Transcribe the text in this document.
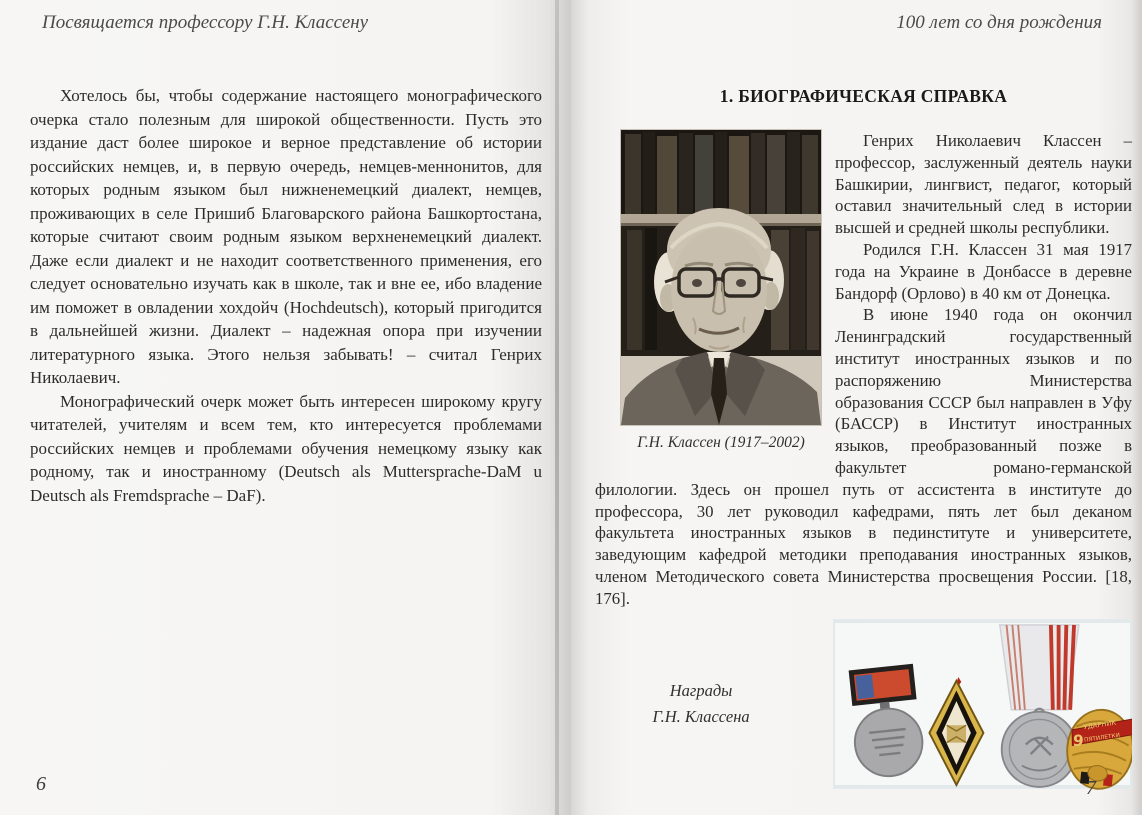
Посвящается профессору Г.Н. Классену

Хотелось бы, чтобы содержание настоящего монографического очерка стало полезным для широкой общественности. Пусть это издание даст более широкое и верное представление об истории российских немцев, и, в первую очередь, немцев-меннонитов, для которых родным языком был нижненемецкий диалект, немцев, проживающих в селе Пришиб Благоварского района Башкортостана, которые считают своим родным языком верхненемецкий диалект. Даже если диалект и не находит соответственного применения, его следует основательно изучать как в школе, так и вне ее, ибо владение им поможет в овладении хохдойч (Hochdeutsch), который пригодится в дальнейшей жизни. Диалект – надежная опора при изучении литературного языка. Этого нельзя забывать! – считал Генрих Николаевич.

Монографический очерк может быть интересен широкому кругу читателей, учителям и всем тем, кто интересуется проблемами российских немцев и проблемами обучения немецкому языку как родному, так и иностранному (Deutsch als Muttersprache-DaM u Deutsch als Fremdsprache – DaF).

6
100 лет со дня рождения
1. БИОГРАФИЧЕСКАЯ СПРАВКА
Г.Н. Классен (1917–2002)

Генрих Николаевич Классен – профессор, заслуженный деятель науки Башкирии, лингвист, педагог, который оставил значительный след в истории высшей и средней школы республики.

Родился Г.Н. Классен 31 мая 1917 года на Украине в Донбассе в деревне Бандорф (Орлово) в 40 км от Донецка.

В июне 1940 года он окончил Ленинградский государственный институт иностранных языков и по распоряжению Министерства образования СССР был направлен в Уфу (БАССР) в Институт иностранных языков, преобразованный позже в факультет романо-германской филологии. Здесь он прошел путь от ассистента в институте до профессора, 30 лет руководил кафедрами, пять лет был деканом факультета иностранных языков в пединституте и университете, заведующим кафедрой методики преподавания иностранных языков, членом Методического совета Министерства просвещения России. [18, 176].

Награды
Г.Н. Классена	УДАРНИК
ПЯТИЛЕТКИ
9
7
